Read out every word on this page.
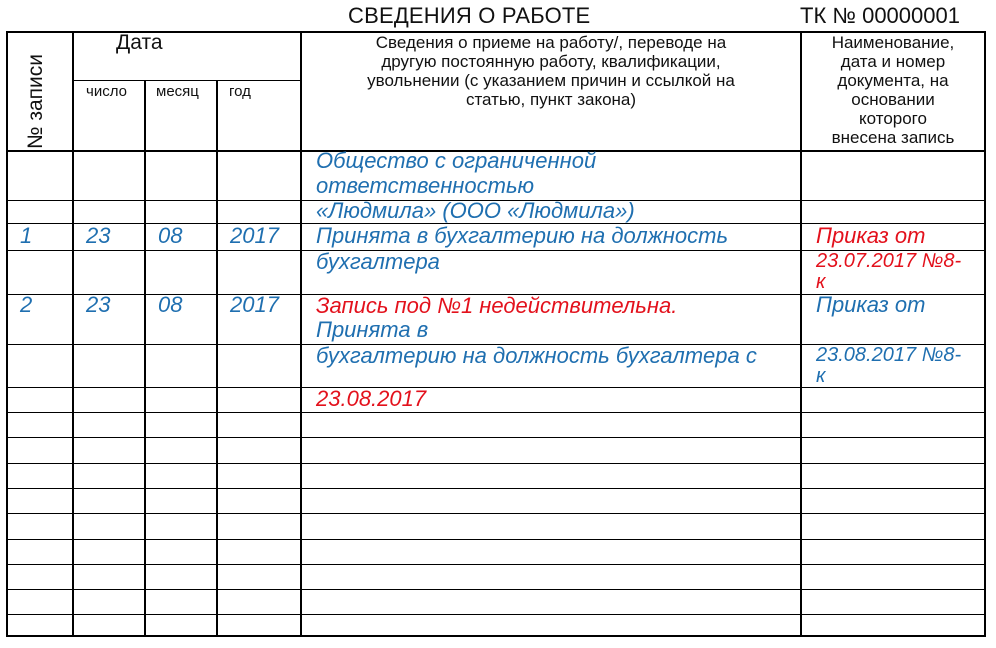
СВЕДЕНИЯ О РАБОТЕ	ТК № 00000001
№ записи
Дата
число месяц год
Сведения о приеме на работу/, переводе на
другую постоянную работу, квалификации,
увольнении (с указанием причин и ссылкой на
статью, пункт закона)
Наименование,
дата и номер
документа, на
основании
которого
внесена запись
Общество с ограниченной
ответственностью
«Людмила» (ООО «Людмила»)
1 23 08 2017 Принята в бухгалтерию на должность
бухгалтера
Приказ от
23.07.2017 №8-
к
2 23 08 2017 Запись под №1 недействительна.
Принята в
бухгалтерию на должность бухгалтера с
23.08.2017
Приказ от
23.08.2017 №8-
к
